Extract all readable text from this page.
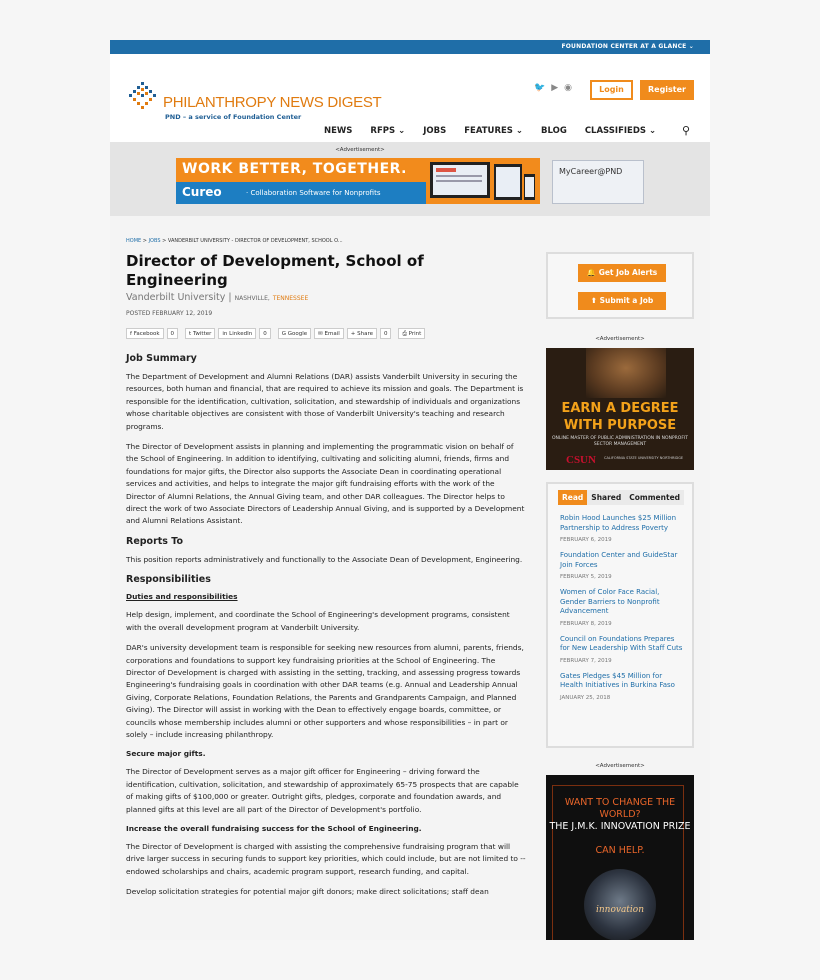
FOUNDATION CENTER AT A GLANCE ⌄
PHILANTHROPY NEWS DIGEST
PND – a service of Foundation Center
🐦 ▶ ◉	Login	Register
NEWS RFPS ⌄ JOBS FEATURES ⌄ BLOG CLASSIFIEDS ⌄ ⚲
<Advertisement>
WORK BETTER, TOGETHER.
Cureo	· Collaboration Software for Nonprofits
MyCareer@PND
HOME > JOBS > VANDERBILT UNIVERSITY - DIRECTOR OF DEVELOPMENT, SCHOOL O...
Director of Development, School of Engineering
Vanderbilt University | NASHVILLE, TENNESSEE
POSTED FEBRUARY 12, 2019
f Facebook	0	t Twitter	in LinkedIn	0	G Google	✉ Email	+ Share	0	⎙ Print
Job Summary

The Department of Development and Alumni Relations (DAR) assists Vanderbilt University in securing the resources, both human and financial, that are required to achieve its mission and goals. The Department is responsible for the identification, cultivation, solicitation, and stewardship of individuals and organizations whose charitable objectives are consistent with those of Vanderbilt University's teaching and research programs.

The Director of Development assists in planning and implementing the programmatic vision on behalf of the School of Engineering. In addition to identifying, cultivating and soliciting alumni, friends, firms and foundations for major gifts, the Director also supports the Associate Dean in coordinating operational services and activities, and helps to integrate the major gift fundraising efforts with the work of the Director of Alumni Relations, the Annual Giving team, and other DAR colleagues. The Director helps to direct the work of two Associate Directors of Leadership Annual Giving, and is supported by a Development and Alumni Relations Assistant.

Reports To

This position reports administratively and functionally to the Associate Dean of Development, Engineering.

Responsibilities
Duties and responsibilities

Help design, implement, and coordinate the School of Engineering's development programs, consistent with the overall development program at Vanderbilt University.

DAR's university development team is responsible for seeking new resources from alumni, parents, friends, corporations and foundations to support key fundraising priorities at the School of Engineering. The Director of Development is charged with assisting in the setting, tracking, and assessing progress towards Engineering's fundraising goals in coordination with other DAR teams (e.g. Annual and Leadership Annual Giving, Corporate Relations, Foundation Relations, the Parents and Grandparents Campaign, and Planned Giving). The Director will assist in working with the Dean to effectively engage boards, committee, or councils whose membership includes alumni or other supporters and whose responsibilities – in part or solely – include increasing philanthropy.

Secure major gifts.

The Director of Development serves as a major gift officer for Engineering – driving forward the identification, cultivation, solicitation, and stewardship of approximately 65-75 prospects that are capable of making gifts of $100,000 or greater. Outright gifts, pledges, corporate and foundation awards, and planned gifts at this level are all part of the Director of Development's portfolio.

Increase the overall fundraising success for the School of Engineering.

The Director of Development is charged with assisting the comprehensive fundraising program that will drive larger success in securing funds to support key priorities, which could include, but are not limited to -- endowed scholarships and chairs, academic program support, research funding, and capital.

Develop solicitation strategies for potential major gift donors; make direct solicitations; staff dean

🔔 Get Job Alerts
⬆ Submit a Job
<Advertisement>
EARN A DEGREE WITH PURPOSE
ONLINE MASTER OF PUBLIC ADMINISTRATION IN NONPROFIT SECTOR MANAGEMENT
CSUN CALIFORNIA STATE UNIVERSITY NORTHRIDGE
Read	Shared	Commented
Robin Hood Launches $25 Million Partnership to Address Poverty
FEBRUARY 6, 2019
Foundation Center and GuideStar Join Forces
FEBRUARY 5, 2019
Women of Color Face Racial, Gender Barriers to Nonprofit Advancement
FEBRUARY 8, 2019
Council on Foundations Prepares for New Leadership With Staff Cuts
FEBRUARY 7, 2019
Gates Pledges $45 Million for Health Initiatives in Burkina Faso
JANUARY 25, 2018
<Advertisement>
WANT TO CHANGE THE WORLD?
THE J.M.K. INNOVATION PRIZE
CAN HELP.
innovation
